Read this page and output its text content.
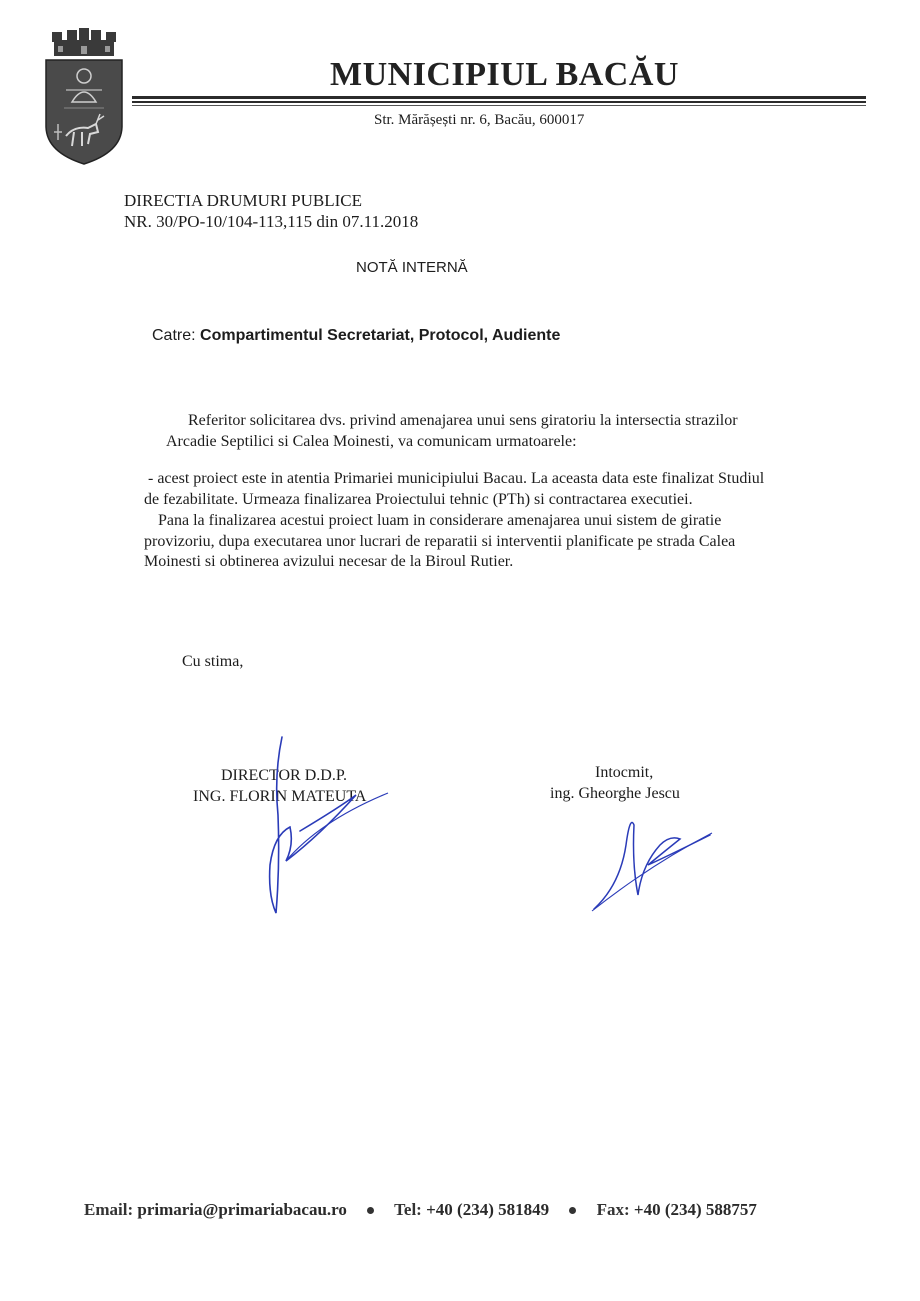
MUNICIPIUL BACĂU
Str. Mărășești nr. 6, Bacău, 600017
DIRECTIA DRUMURI PUBLICE
NR. 30/PO-10/104-113,115 din 07.11.2018
NOTĂ INTERNĂ
Catre: Compartimentul Secretariat, Protocol, Audiente
Referitor solicitarea dvs. privind amenajarea unui sens giratoriu la intersectia strazilor
Arcadie Septilici si Calea Moinesti, va comunicam urmatoarele:
- acest proiect este in atentia Primariei municipiului Bacau. La aceasta data este finalizat Studiul
de fezabilitate. Urmeaza finalizarea Proiectului tehnic (PTh) si contractarea executiei.
Pana la finalizarea acestui proiect luam in considerare amenajarea unui sistem de giratie
provizoriu, dupa executarea unor lucrari de reparatii si interventii planificate pe strada Calea
Moinesti si obtinerea avizului necesar de la Biroul Rutier.
Cu stima,
DIRECTOR D.D.P.
ING. FLORIN MATEUTA
Intocmit,
ing. Gheorghe Jescu
Email: primaria@primariabacau.ro	Tel: +40 (234) 581849	Fax: +40 (234) 588757
